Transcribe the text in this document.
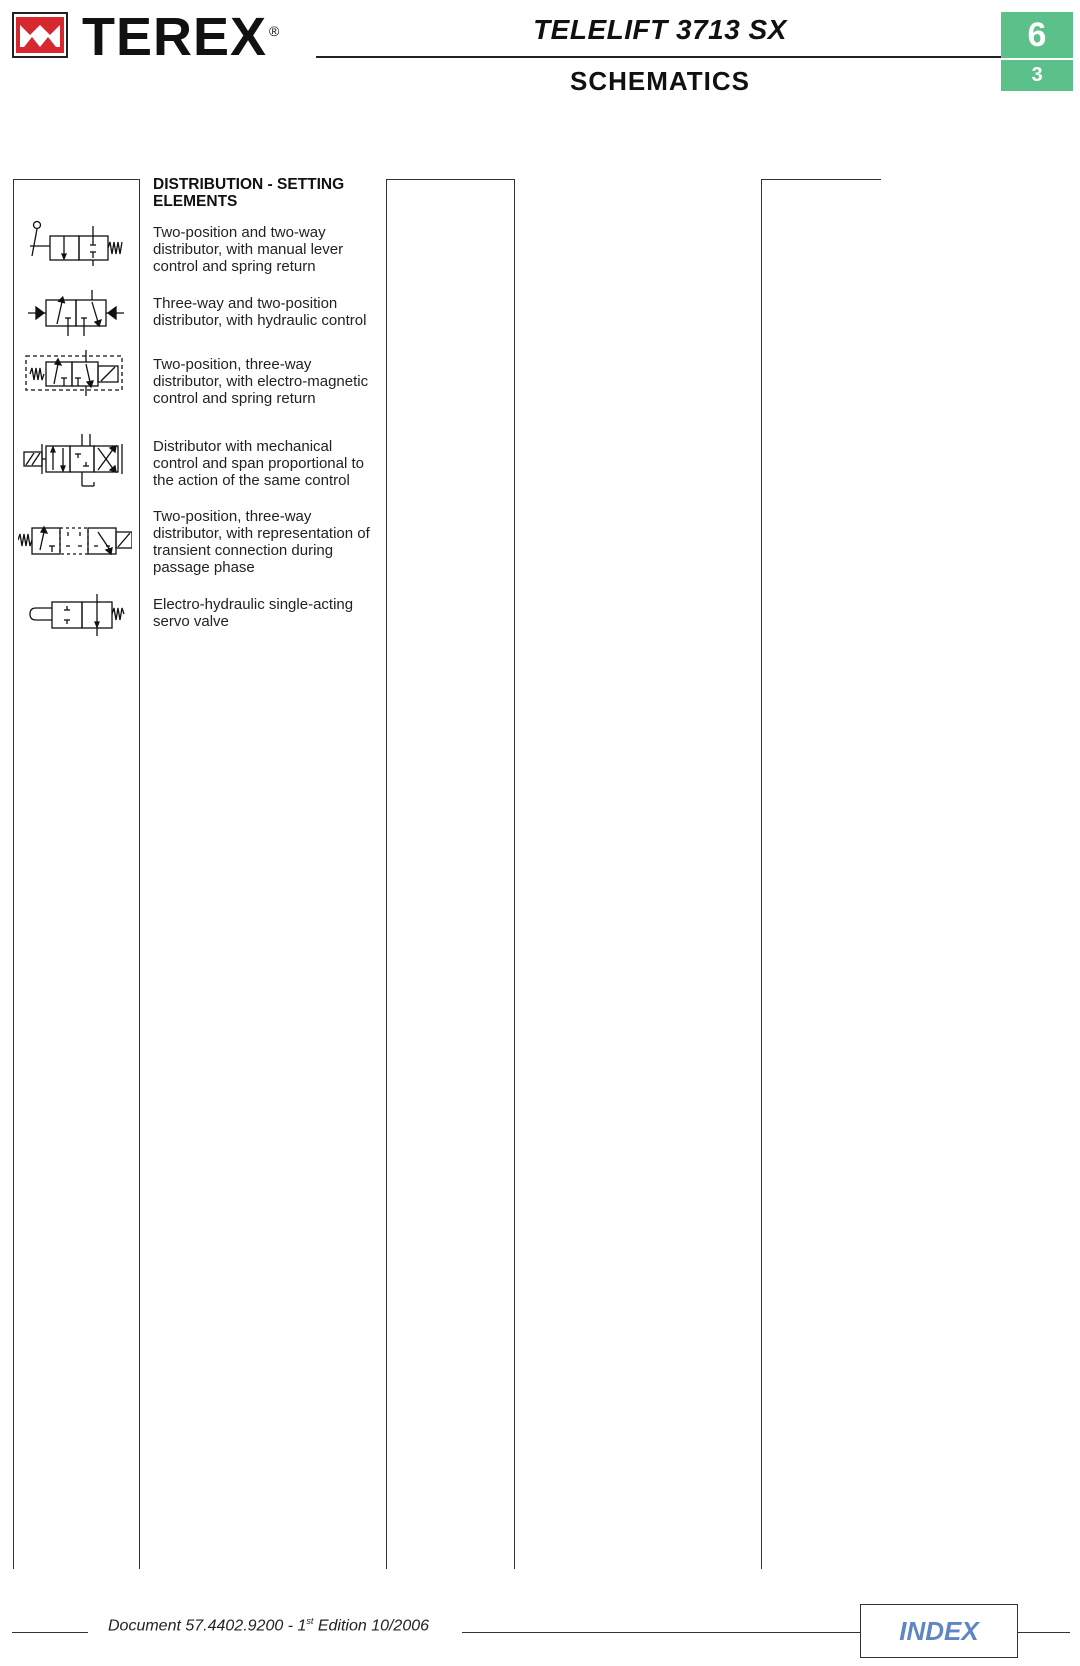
TEREX ®	TELELIFT 3713 SX
SCHEMATICS
6
3
DISTRIBUTION - SETTING ELEMENTS
Two-position and two-way distributor, with manual lever control and spring return
Three-way and two-position distributor, with hydraulic control
Two-position, three-way distributor, with electro-magnetic control and spring return
Distributor with mechanical control and span proportional to the action of the same control
Two-position, three-way distributor, with representation of transient connection during passage phase
Electro-hydraulic single-acting servo valve
Document 57.4402.9200 - 1st Edition 10/2006	INDEX
